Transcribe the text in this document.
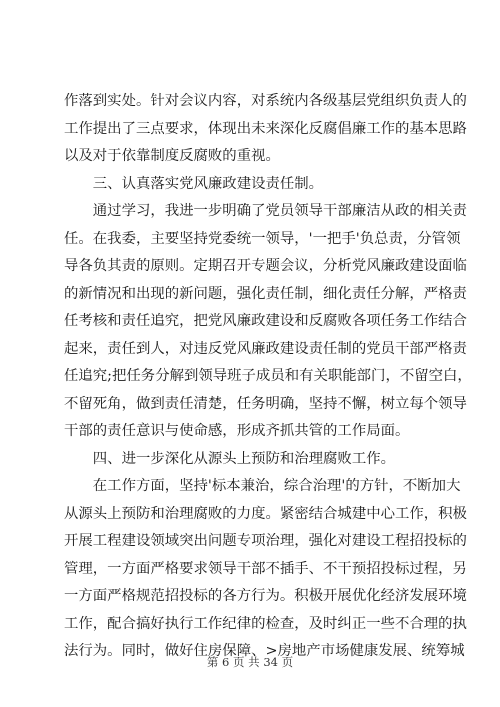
作落到实处。针对会议内容，对系统内各级基层党组织负责人的
工作提出了三点要求，体现出未来深化反腐倡廉工作的基本思路
以及对于依靠制度反腐败的重视。
　　三、认真落实党风廉政建设责任制。
　　通过学习，我进一步明确了党员领导干部廉洁从政的相关责
任。在我委，主要坚持党委统一领导，'一把手'负总责，分管领
导各负其责的原则。定期召开专题会议，分析党风廉政建设面临
的新情况和出现的新问题，强化责任制，细化责任分解，严格责
任考核和责任追究，把党风廉政建设和反腐败各项任务工作结合
起来，责任到人，对违反党风廉政建设责任制的党员干部严格责
任追究;把任务分解到领导班子成员和有关职能部门，不留空白，
不留死角，做到责任清楚，任务明确，坚持不懈，树立每个领导
干部的责任意识与使命感，形成齐抓共管的工作局面。
　　四、进一步深化从源头上预防和治理腐败工作。
　　在工作方面，坚持'标本兼治，综合治理'的方针，不断加大
从源头上预防和治理腐败的力度。紧密结合城建中心工作，积极
开展工程建设领域突出问题专项治理，强化对建设工程招投标的
管理，一方面严格要求领导干部不插手、不干预招投标过程，另
一方面严格规范招投标的各方行为。积极开展优化经济发展环境
工作，配合搞好执行工作纪律的检查，及时纠正一些不合理的执
法行为。同时，做好住房保障、>房地产市场健康发展、统筹城
第 6 页 共 34 页
